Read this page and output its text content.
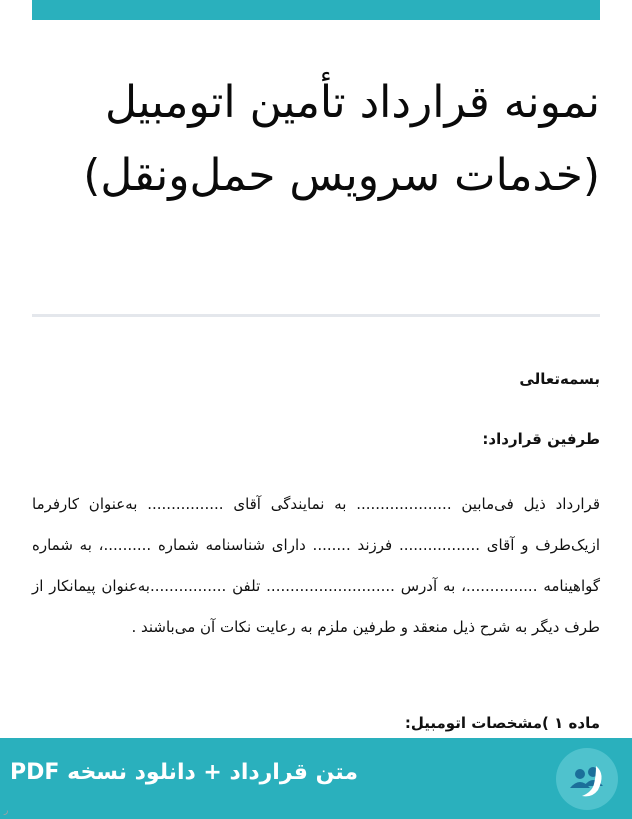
نمونه قرارداد تأمین اتومبیل (خدمات سرویس حمل‌ونقل)

بسمه‌تعالی

طرفین قرارداد:

قرارداد ذیل فی‌مابین .................... به نمایندگی آقای ................ به‌عنوان کارفرما ازیک‌طرف و آقای ................. فرزند ........ دارای شناسنامه شماره ..........، به شماره گواهینامه ...............، به آدرس ........................... تلفن ................به‌عنوان پیمانکار از طرف دیگر به شرح ذیل منعقد و طرفین ملزم به رعایت نکات آن می‌باشند .

ماده ۱ )مشخصات اتومبیل:

متن قرارداد + دانلود نسخه PDF
ر
